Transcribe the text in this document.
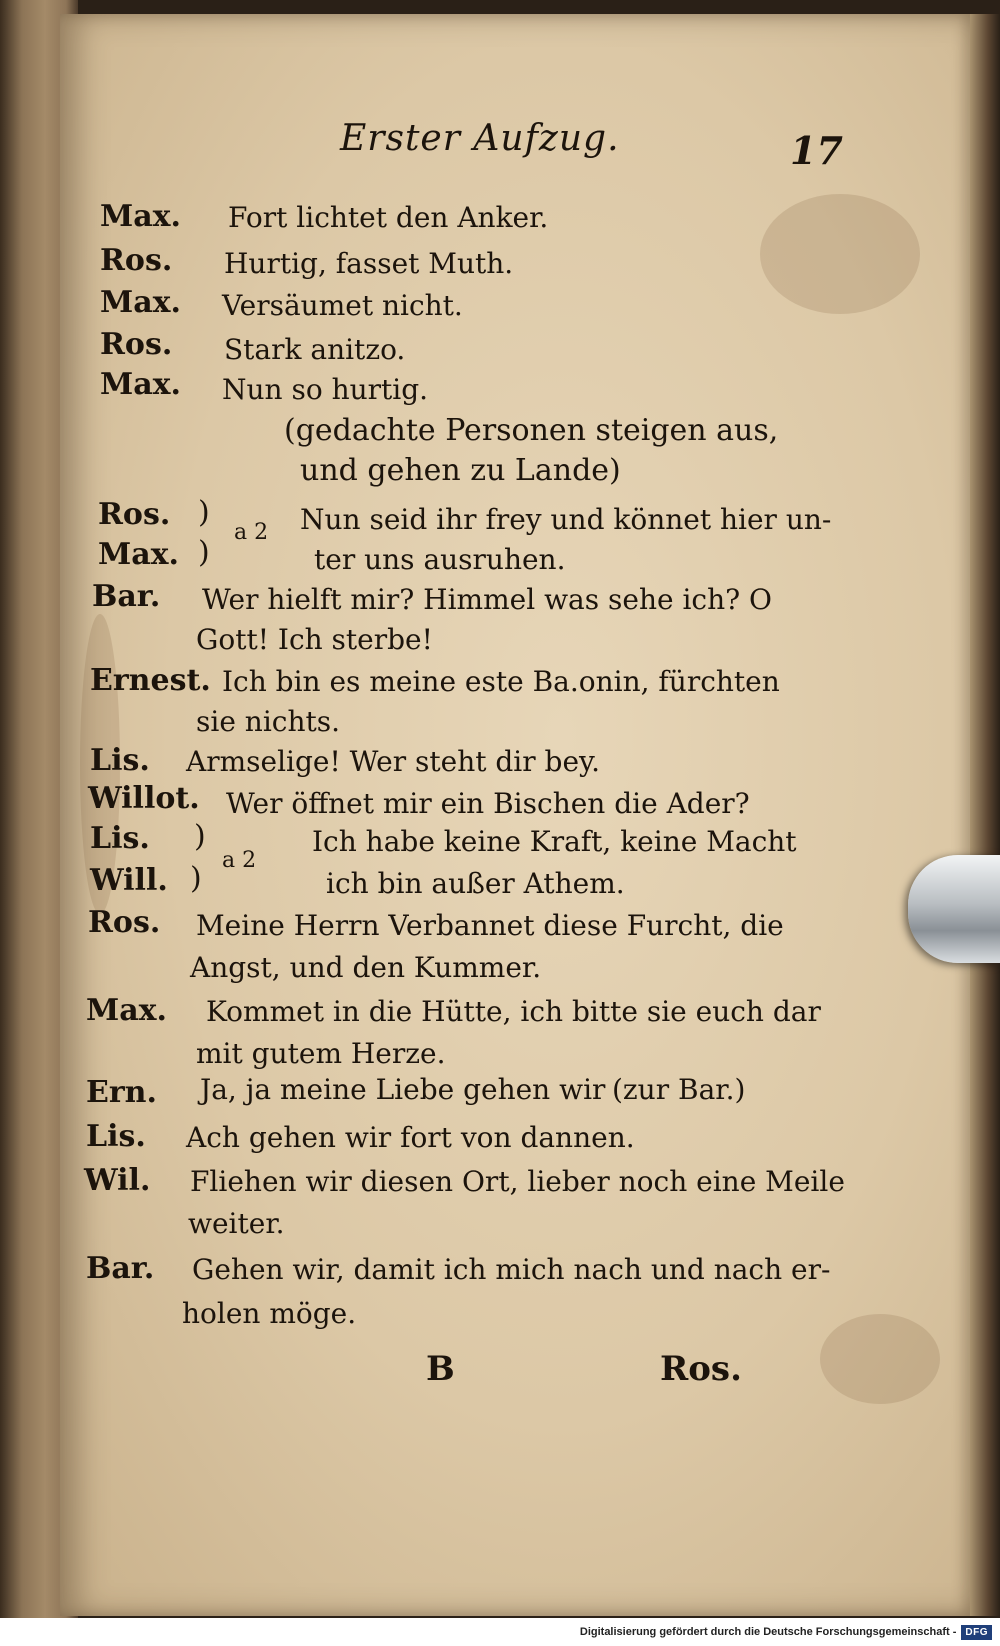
Erster Aufzug.	17
Max. Fort lichtet den Anker.
Ros. Hurtig, fasset Muth.
Max. Versäumet nicht.
Ros. Stark anitzo.
Max. Nun so hurtig.
(gedachte Personen steigen aus,
und gehen zu Lande)
Ros.
Max.
)
)
a 2 Nun seid ihr frey und könnet hier un-
ter uns ausruhen.
Bar. Wer hielft mir? Himmel was sehe ich? O
Gott! Ich sterbe!
Ernest. Ich bin es meine este Ba.onin, fürchten
sie nichts.
Lis. Armselige! Wer steht dir bey.
Willot. Wer öffnet mir ein Bischen die Ader?
Lis.
Will.
)
)
a 2
Ich habe keine Kraft, keine Macht
ich bin außer Athem.
Ros. Meine Herrn Verbannet diese Furcht, die
Angst, und den Kummer.
Max. Kommet in die Hütte, ich bitte sie euch dar
mit gutem Herze.
Ern. Ja, ja meine Liebe gehen wir (zur Bar.)
Lis. Ach gehen wir fort von dannen.
Wil. Fliehen wir diesen Ort, lieber noch eine Meile
weiter.
Bar. Gehen wir, damit ich mich nach und nach er-
holen möge.
B	Ros.
Digitalisierung gefördert durch die Deutsche Forschungsgemeinschaft - DFG
